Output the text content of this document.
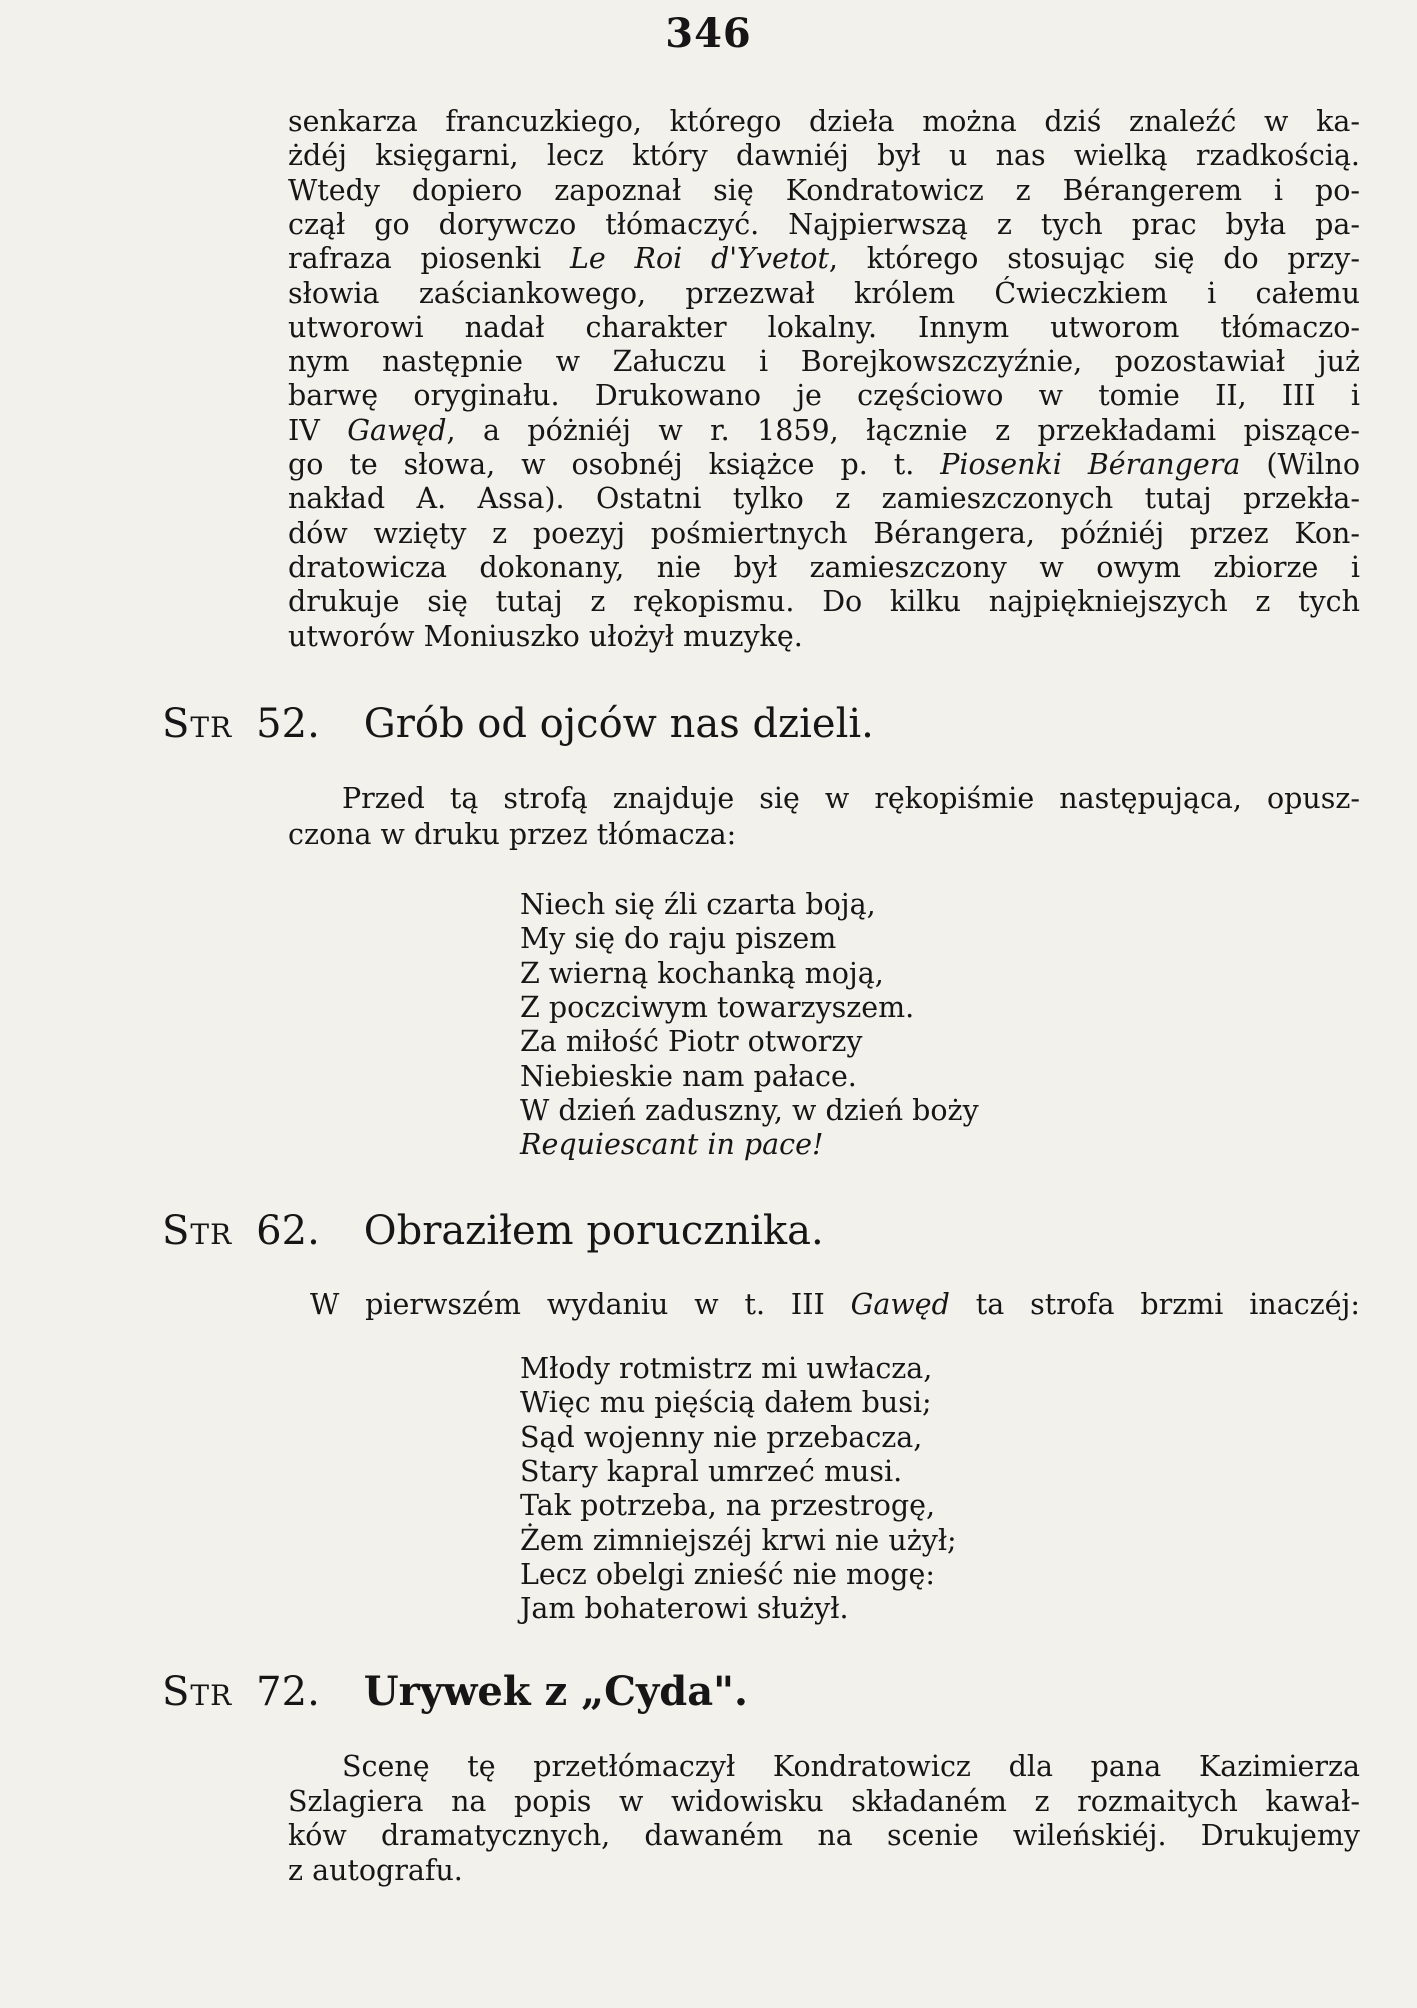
346
senkarza francuzkiego, którego dzieła można dziś znaleźć w ka-
żdéj księgarni, lecz który dawniéj był u nas wielką rzadkością.
Wtedy dopiero zapoznał się Kondratowicz z Bérangerem i po-
czął go dorywczo tłómaczyć. Najpierwszą z tych prac była pa-
rafraza piosenki Le Roi d'Yvetot, którego stosując się do przy-
słowia zaściankowego, przezwał królem Ćwieczkiem i całemu
utworowi nadał charakter lokalny. Innym utworom tłómaczo-
nym następnie w Załuczu i Borejkowszczyźnie, pozostawiał już
barwę oryginału. Drukowano je częściowo w tomie II, III i
IV Gawęd, a póżniéj w r. 1859, łącznie z przekładami piszące-
go te słowa, w osobnéj książce p. t. Piosenki Bérangera (Wilno
nakład A. Assa). Ostatni tylko z zamieszczonych tutaj przekła-
dów wzięty z poezyj pośmiertnych Bérangera, późniéj przez Kon-
dratowicza dokonany, nie był zamieszczony w owym zbiorze i
drukuje się tutaj z rękopismu. Do kilku najpiękniejszych z tych
utworów Moniuszko ułożył muzykę.
Str 52. Grób od ojców nas dzieli.
Przed tą strofą znajduje się w rękopiśmie następująca, opusz-
czona w druku przez tłómacza:
Niech się źli czarta boją,
My się do raju piszem
Z wierną kochanką moją,
Z poczciwym towarzyszem.
Za miłość Piotr otworzy
Niebieskie nam pałace.
W dzień zaduszny, w dzień boży
Requiescant in pace!
Str 62. Obraziłem porucznika.
W pierwszém wydaniu w t. III Gawęd ta strofa brzmi inaczéj:
Młody rotmistrz mi uwłacza,
Więc mu pięścią dałem busi;
Sąd wojenny nie przebacza,
Stary kapral umrzeć musi.
Tak potrzeba, na przestrogę,
Żem zimniejszéj krwi nie użył;
Lecz obelgi znieść nie mogę:
Jam bohaterowi służył.
Str 72. Urywek z „Cyda".
Scenę tę przetłómaczył Kondratowicz dla pana Kazimierza
Szlagiera na popis w widowisku składaném z rozmaitych kawał-
ków dramatycznych, dawaném na scenie wileńskiéj. Drukujemy
z autografu.
